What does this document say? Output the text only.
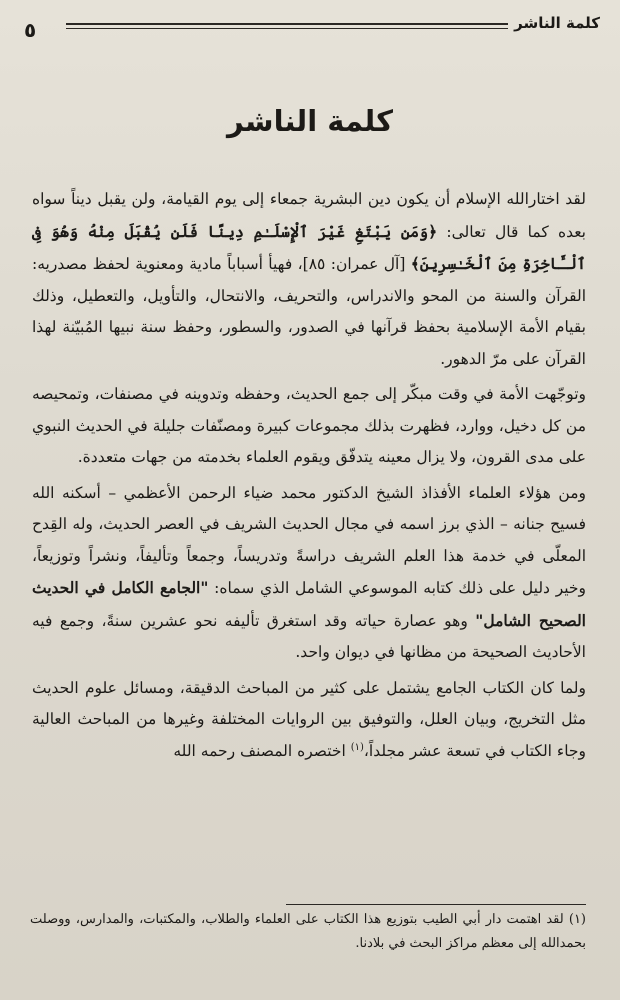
كلمة الناشر
٥
كلمة الناشر

لقد اختارالله الإسلام أن يكون دين البشرية جمعاء إلى يوم القيامة، ولن يقبل ديناً سواه بعده كما قال تعالى: ﴿وَمَن يَبْتَغِ غَيْرَ ٱلْإِسْلَـٰمِ دِينًا فَلَن يُقْبَلَ مِنْهُ وَهُوَ فِى ٱلْـَٔاخِرَةِ مِنَ ٱلْخَـٰسِرِينَ﴾ [آل عمران: ٨٥]، فهيأ أسباباً مادية ومعنوية لحفظ مصدريه: القرآن والسنة من المحو والاندراس، والتحريف، والانتحال، والتأويل، والتعطيل، وذلك بقيام الأمة الإسلامية بحفظ قرآنها في الصدور، والسطور، وحفظ سنة نبيها المُبيّنة لهذا القرآن على مرّ الدهور.

وتوجّهت الأمة في وقت مبكّر إلى جمع الحديث، وحفظه وتدوينه في مصنفات، وتمحيصه من كل دخيل، ووارد، فظهرت بذلك مجموعات كبيرة ومصنّفات جليلة في الحديث النبوي على مدى القرون، ولا يزال معينه يتدفّق ويقوم العلماء بخدمته من جهات متعددة.

ومن هؤلاء العلماء الأفذاذ الشيخ الدكتور محمد ضياء الرحمن الأعظمي – أسكنه الله فسيح جنانه – الذي برز اسمه في مجال الحديث الشريف في العصر الحديث، وله القِدح المعلّى في خدمة هذا العلم الشريف دراسةً وتدريساً، وجمعاً وتأليفاً، ونشراً وتوزيعاً، وخير دليل على ذلك كتابه الموسوعي الشامل الذي سماه: "الجامع الكامل في الحديث الصحيح الشامل" وهو عصارة حياته وقد استغرق تأليفه نحو عشرين سنةً، وجمع فيه الأحاديث الصحيحة من مظانها في ديوان واحد.

ولما كان الكتاب الجامع يشتمل على كثير من المباحث الدقيقة، ومسائل علوم الحديث مثل التخريج، وبيان العلل، والتوفيق بين الروايات المختلفة وغيرها من المباحث العالية وجاء الكتاب في تسعة عشر مجلداً،$^{(١)}$ اختصره المصنف رحمه الله

(١) لقد اهتمت دار أبي الطيب بتوزيع هذا الكتاب على العلماء والطلاب، والمكتبات، والمدارس، ووصلت بحمدالله إلى معظم مراكز البحث في بلادنا.
